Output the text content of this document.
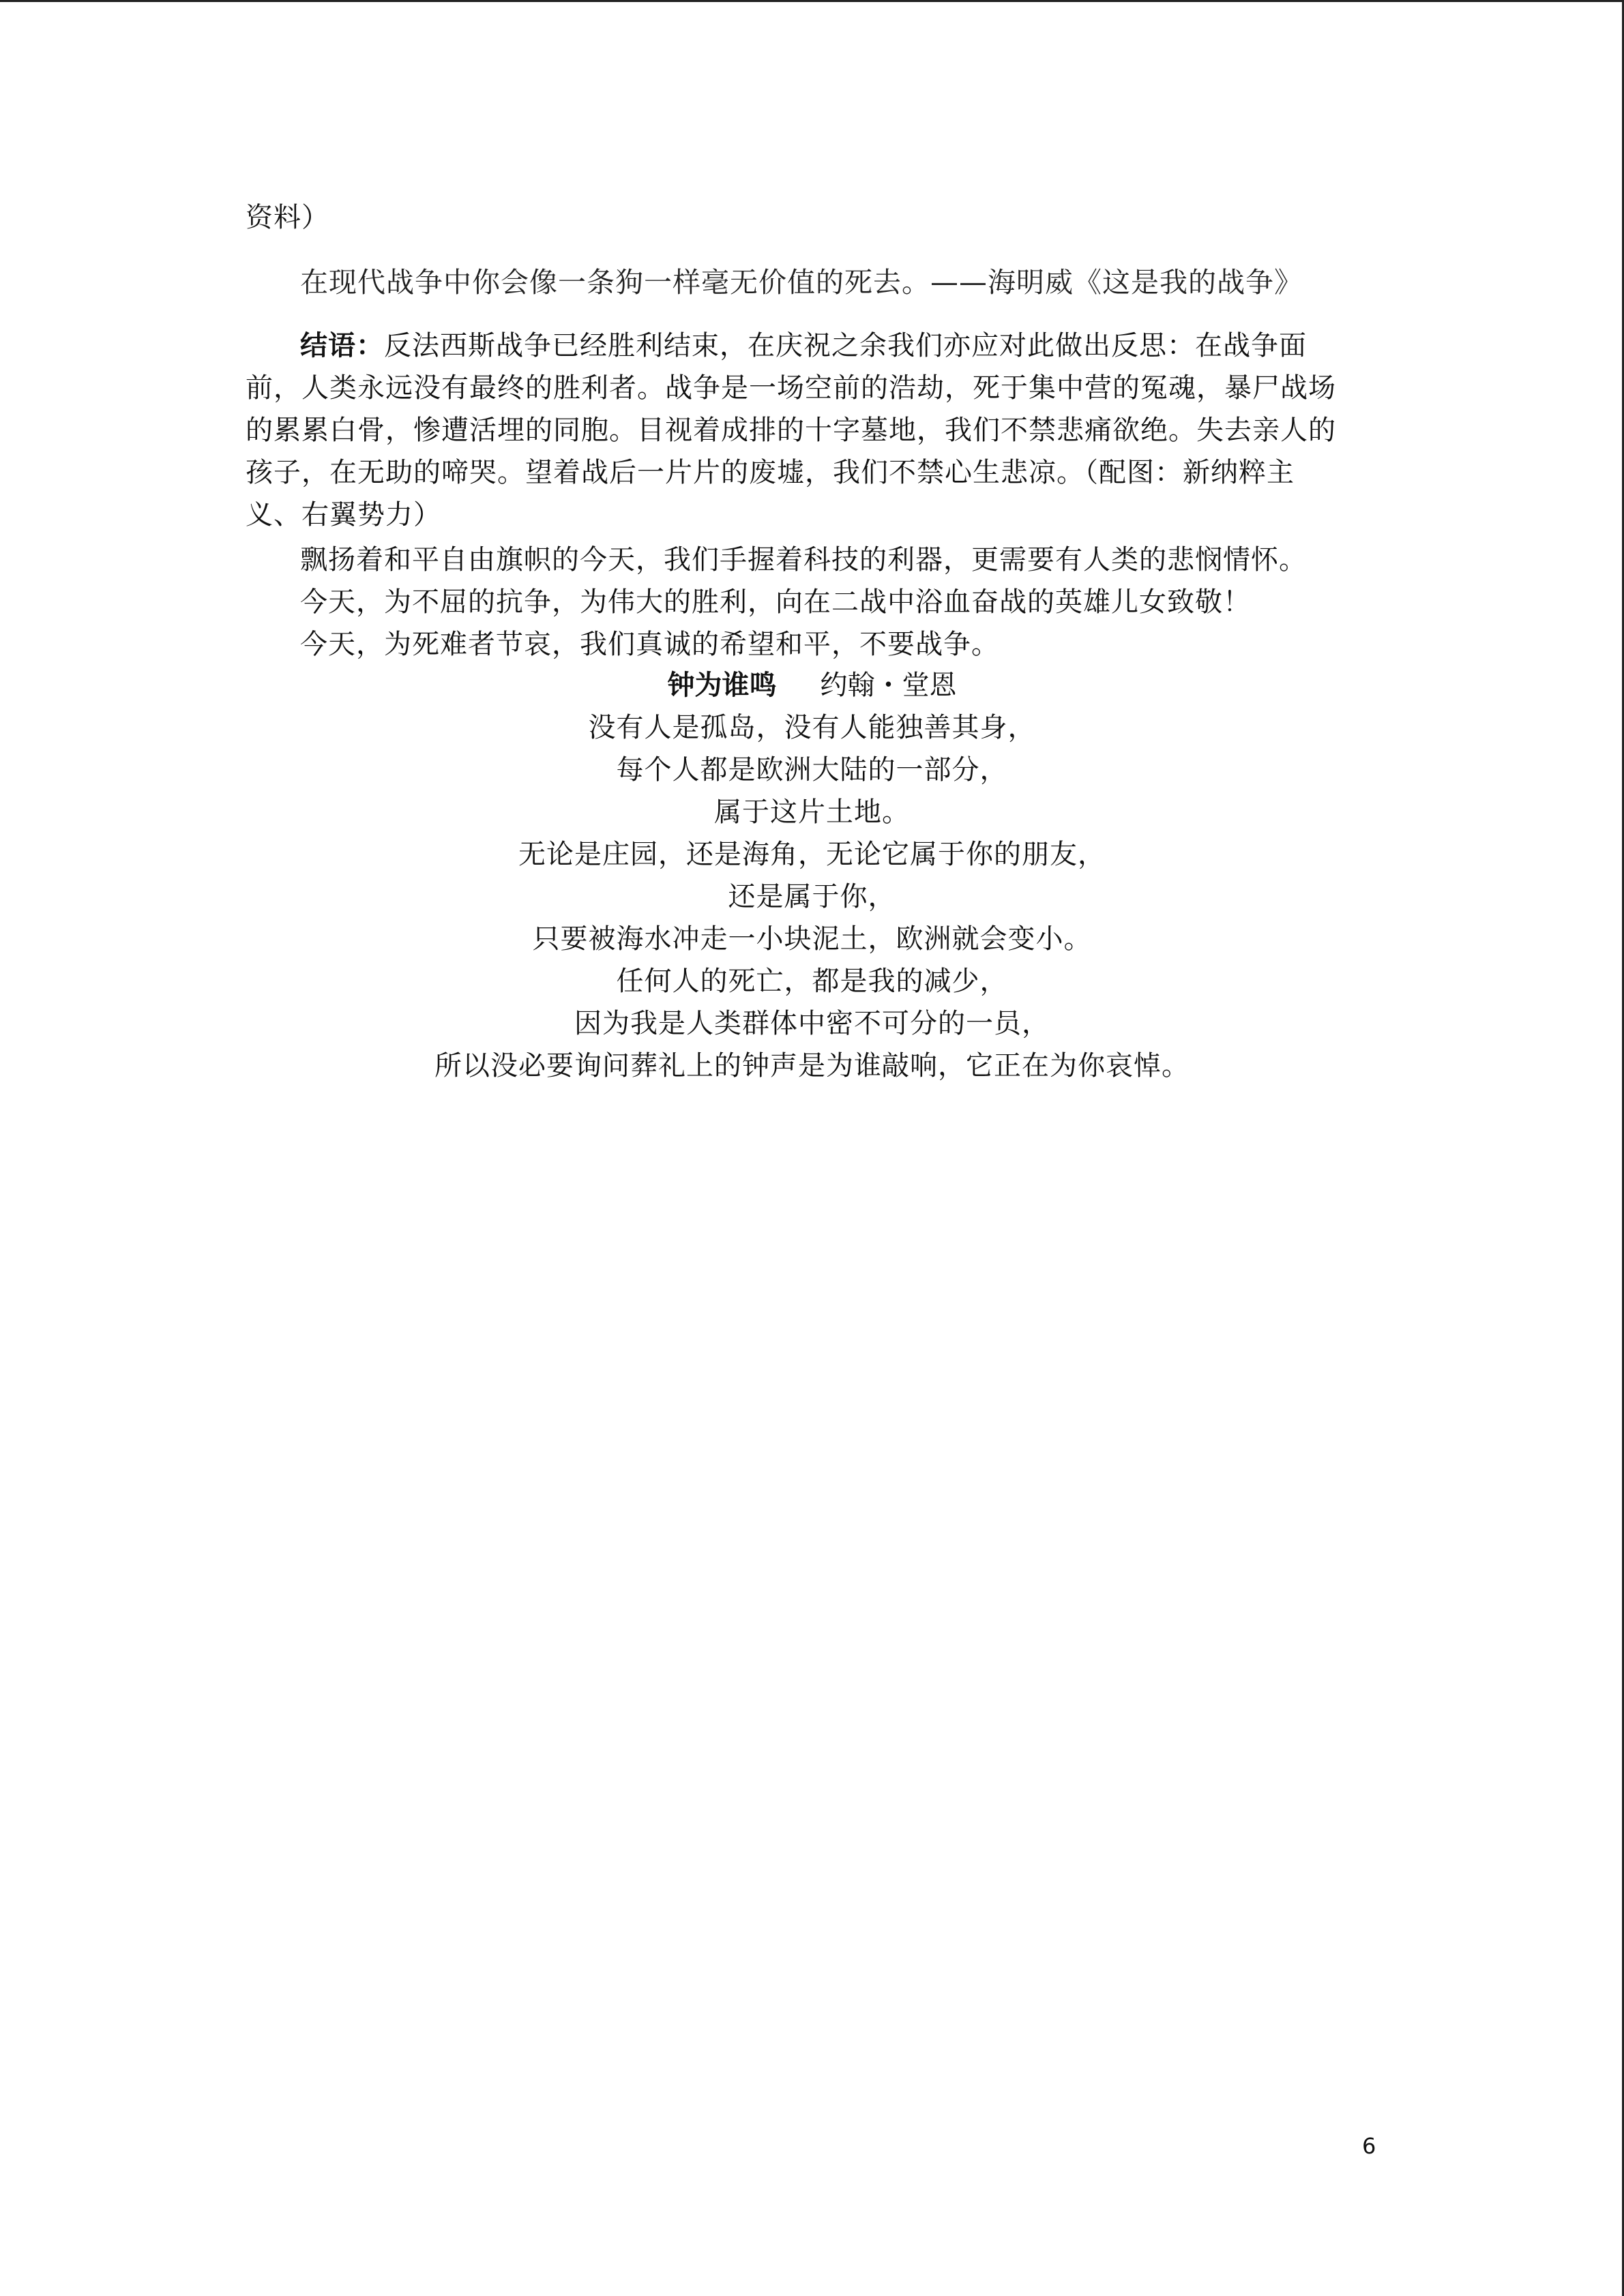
资料）
在现代战争中你会像一条狗一样毫无价值的死去。——海明威《这是我的战争》
结语：反法西斯战争已经胜利结束，在庆祝之余我们亦应对此做出反思：在战争面
前，人类永远没有最终的胜利者。战争是一场空前的浩劫，死于集中营的冤魂，暴尸战场
的累累白骨，惨遭活埋的同胞。目视着成排的十字墓地，我们不禁悲痛欲绝。失去亲人的
孩子，在无助的啼哭。望着战后一片片的废墟，我们不禁心生悲凉。（配图：新纳粹主
义、右翼势力）
飘扬着和平自由旗帜的今天，我们手握着科技的利器，更需要有人类的悲悯情怀。
今天，为不屈的抗争，为伟大的胜利，向在二战中浴血奋战的英雄儿女致敬！
今天，为死难者节哀，我们真诚的希望和平，不要战争。
钟为谁鸣 约翰・堂恩
没有人是孤岛，没有人能独善其身，
每个人都是欧洲大陆的一部分，
属于这片土地。
无论是庄园，还是海角，无论它属于你的朋友，
还是属于你，
只要被海水冲走一小块泥土，欧洲就会变小。
任何人的死亡，都是我的减少，
因为我是人类群体中密不可分的一员，
所以没必要询问葬礼上的钟声是为谁敲响，它正在为你哀悼。
6
